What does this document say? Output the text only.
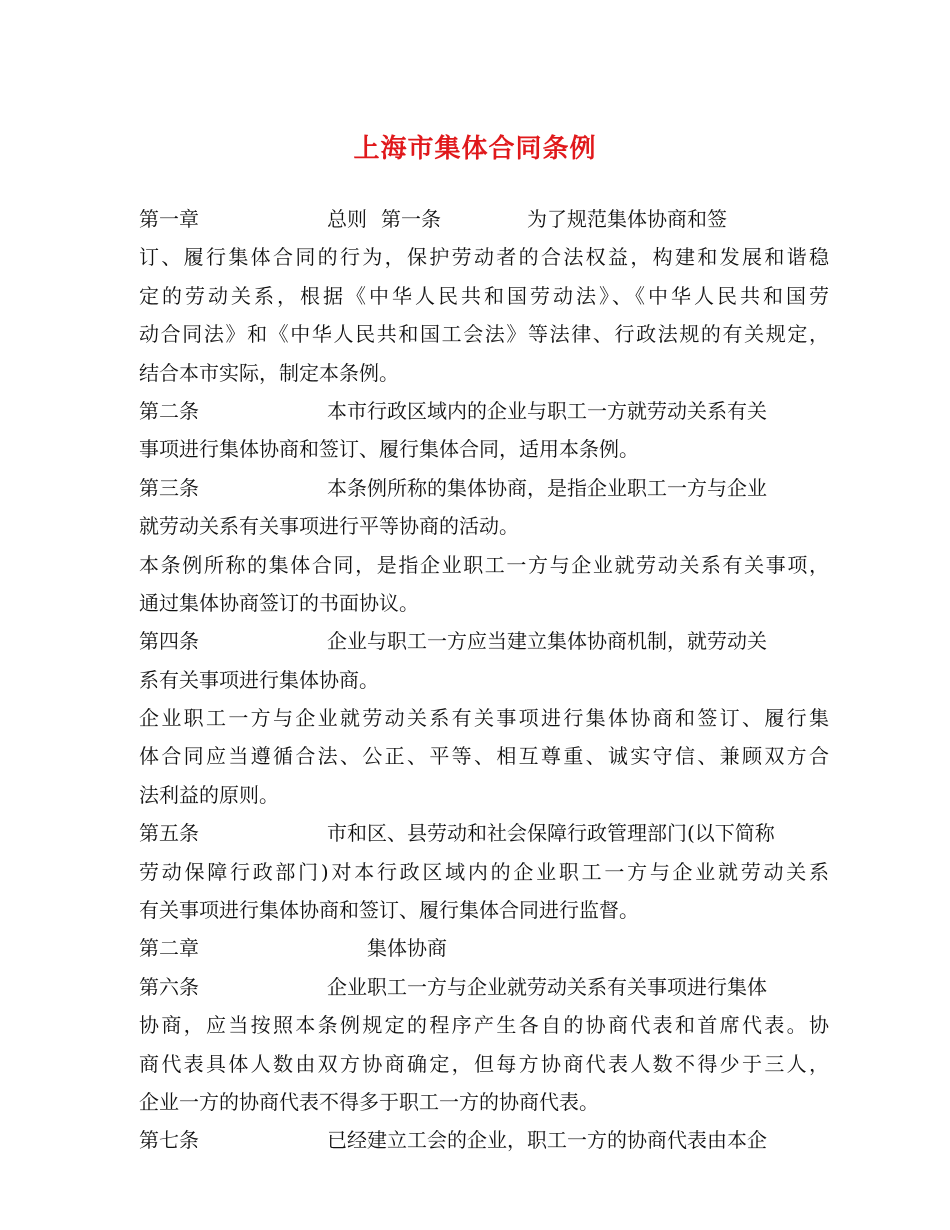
上海市集体合同条例
第一章	总则 第一条	为了规范集体协商和签
订、履行集体合同的行为，保护劳动者的合法权益，构建和发展和谐稳
定的劳动关系，根据《中华人民共和国劳动法》、《中华人民共和国劳
动合同法》和《中华人民共和国工会法》等法律、行政法规的有关规定，
结合本市实际，制定本条例。
第二条	本市行政区域内的企业与职工一方就劳动关系有关
事项进行集体协商和签订、履行集体合同，适用本条例。
第三条	本条例所称的集体协商，是指企业职工一方与企业
就劳动关系有关事项进行平等协商的活动。
本条例所称的集体合同，是指企业职工一方与企业就劳动关系有关事项，
通过集体协商签订的书面协议。
第四条	企业与职工一方应当建立集体协商机制，就劳动关
系有关事项进行集体协商。
企业职工一方与企业就劳动关系有关事项进行集体协商和签订、履行集
体合同应当遵循合法、公正、平等、相互尊重、诚实守信、兼顾双方合
法利益的原则。
第五条	市和区、县劳动和社会保障行政管理部门(以下简称
劳动保障行政部门)对本行政区域内的企业职工一方与企业就劳动关系
有关事项进行集体协商和签订、履行集体合同进行监督。
第二章	集体协商
第六条	企业职工一方与企业就劳动关系有关事项进行集体
协商，应当按照本条例规定的程序产生各自的协商代表和首席代表。协
商代表具体人数由双方协商确定，但每方协商代表人数不得少于三人，
企业一方的协商代表不得多于职工一方的协商代表。
第七条	已经建立工会的企业，职工一方的协商代表由本企
